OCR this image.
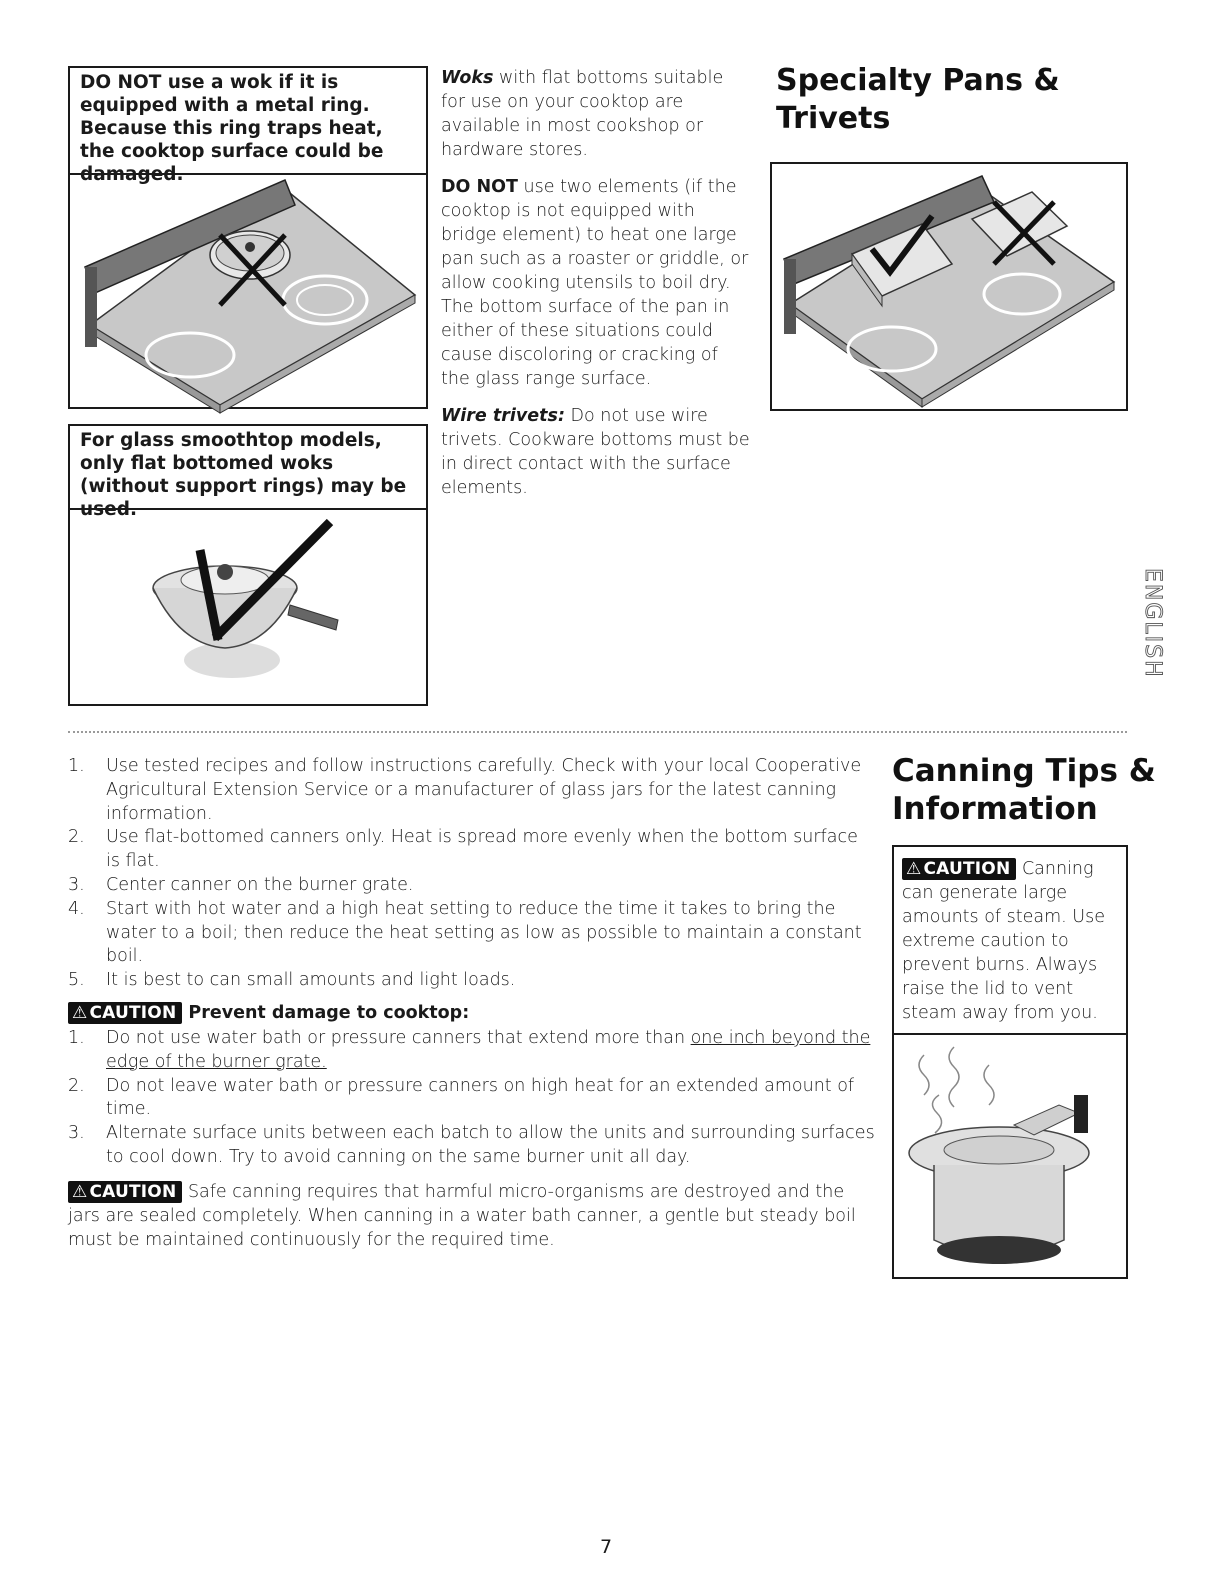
DO NOT use a wok if it is equipped with a metal ring. Because this ring traps heat, the cooktop surface could be damaged.
For glass smoothtop models, only flat bottomed woks (without support rings) may be used.

Woks with flat bottoms suitable for use on your cooktop are available in most cookshop or hardware stores.

DO NOT use two elements (if the cooktop is not equipped with bridge element) to heat one large pan such as a roaster or griddle, or allow cooking utensils to boil dry. The bottom surface of the pan in either of these situations could cause discoloring or cracking of the glass range surface.

Wire trivets: Do not use wire trivets. Cookware bottoms must be in direct contact with the surface elements.

Specialty Pans & Trivets
ENGLISH
Canning Tips &
Information
1. Use tested recipes and follow instructions carefully. Check with your local Cooperative Agricultural Extension Service or a manufacturer of glass jars for the latest canning information.
2. Use flat-bottomed canners only. Heat is spread more evenly when the bottom surface is flat.
3. Center canner on the burner grate.
4. Start with hot water and a high heat setting to reduce the time it takes to bring the water to a boil; then reduce the heat setting as low as possible to maintain a constant boil.
5. It is best to can small amounts and light loads.
⚠ CAUTION Prevent damage to cooktop:
1. Do not use water bath or pressure canners that extend more than one inch beyond the edge of the burner grate.
2. Do not leave water bath or pressure canners on high heat for an extended amount of time.
3. Alternate surface units between each batch to allow the units and surrounding surfaces to cool down. Try to avoid canning on the same burner unit all day.
⚠ CAUTION Safe canning requires that harmful micro-organisms are destroyed and the jars are sealed completely. When canning in a water bath canner, a gentle but steady boil must be maintained continuously for the required time.
⚠ CAUTION Canning can generate large amounts of steam. Use extreme caution to prevent burns. Always raise the lid to vent steam away from you.
7
